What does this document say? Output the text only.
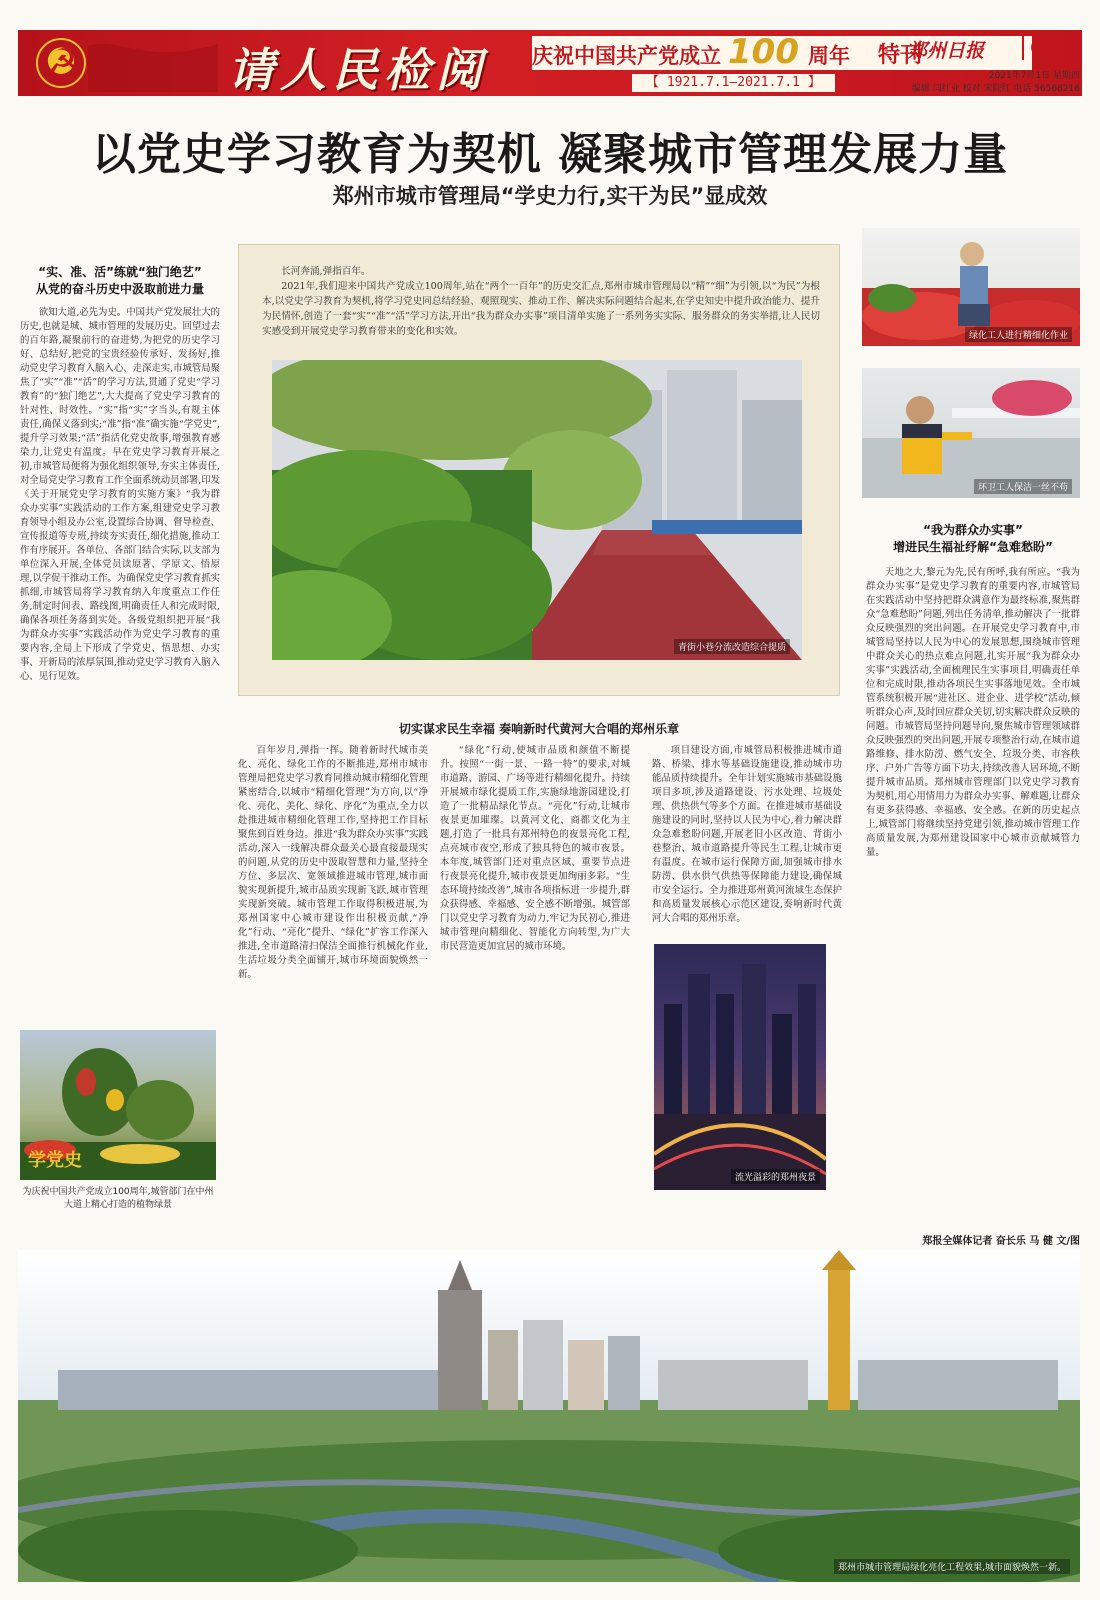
☭
请人民检阅 庆祝中国共产党成立 100 周年 特刊
【 1921.7.1—2021.7.1 】
郑州日报	C20
2021年7月1日 星期四
编辑 闫红业 校对 宋院红 电话 56568216
以党史学习教育为契机 凝聚城市管理发展力量
郑州市城市管理局“学史力行,实干为民”显成效
“实、准、活”练就“独门绝艺”
从党的奋斗历史中汲取前进力量

欲知大道,必先为史。中国共产党发展壮大的历史,也就是城、城市管理的发展历史。回望过去的百年路,凝聚前行的奋进势,为把党的历史学习好、总结好,把党的宝贵经验传承好、发扬好,推动党史学习教育入脑入心、走深走实,市城管局聚焦了“实”“准”“活”的学习方法,贯通了党史“学习教育”的“独门绝艺”,大大提高了党史学习教育的针对性、时效性。“实”指“实”字当头,有规主体责任,确保义落到实;“准”指“准”确实施“学党史”,提升学习效果;“活”指活化党史故事,增强教育感染力,让党史有温度。早在党史学习教育开展之初,市城管局便将为强化组织领导,夯实主体责任,对全局党史学习教育工作全面系统动员部署,印发《关于开展党史学习教育的实施方案》“我为群众办实事”实践活动的工作方案,组建党史学习教育领导小组及办公室,设置综合协调、督导检查、宣传报道等专班,持续夯实责任,细化措施,推动工作有序展开。各单位、各部门结合实际,以支部为单位深入开展,全体党员读原著、学原文、悟原理,以学促干推动工作。为确保党史学习教育抓实抓细,市城管局将学习教育纳入年度重点工作任务,制定时间表、路线图,明确责任人和完成时限,确保各项任务落到实处。各级党组织把开展“我为群众办实事”实践活动作为党史学习教育的重要内容,全局上下形成了学党史、悟思想、办实事、开新局的浓厚氛围,推动党史学习教育入脑入心、见行见效。

学党史
为庆祝中国共产党成立100周年,城管部门在中州大道上精心打造的植物绿景

长河奔涌,弹指百年。

2021年,我们迎来中国共产党成立100周年,站在“两个一百年”的历史交汇点,郑州市城市管理局以“精”“细”为引领,以“为民”为根本,以党史学习教育为契机,将学习党史同总结经验、观照现实、推动工作、解决实际问题结合起来,在学史知史中提升政治能力、提升为民情怀,创造了一套“实”“准”“活”学习方法,开出“我为群众办实事”项目清单实施了一系列务实实际、服务群众的务实举措,让人民切实感受到开展党史学习教育带来的变化和实效。

青街小巷分流改造综合提质
切实谋求民生幸福 奏响新时代黄河大合唱的郑州乐章

百年岁月,弹指一挥。随着新时代城市美化、亮化、绿化工作的不断推进,郑州市城市管理局把党史学习教育同推动城市精细化管理紧密结合,以城市“精细化管理”为方向,以“净化、亮化、美化、绿化、序化”为重点,全力以赴推进城市精细化管理工作,坚持把工作目标聚焦到百姓身边。推进“我为群众办实事”实践活动,深入一线解决群众最关心最直接最现实的问题,从党的历史中汲取智慧和力量,坚持全方位、多层次、宽领域推进城市管理,城市面貌实现新提升,城市品质实现新飞跃,城市管理实现新突破。城市管理工作取得积极进展,为郑州国家中心城市建设作出积极贡献,“净化”行动、“亮化”提升、“绿化”扩容工作深入推进,全市道路清扫保洁全面推行机械化作业,生活垃圾分类全面铺开,城市环境面貌焕然一新。

“绿化”行动,使城市品质和颜值不断提升。按照“一街一景、一路一特”的要求,对城市道路、游园、广场等进行精细化提升。持续开展城市绿化提质工作,实施绿地游园建设,打造了一批精品绿化节点。“亮化”行动,让城市夜景更加璀璨。以黄河文化、商都文化为主题,打造了一批具有郑州特色的夜景亮化工程,点亮城市夜空,形成了独具特色的城市夜景。本年度,城管部门还对重点区域、重要节点进行夜景亮化提升,城市夜景更加绚丽多彩。“生态环境持续改善”,城市各项指标进一步提升,群众获得感、幸福感、安全感不断增强。城管部门以党史学习教育为动力,牢记为民初心,推进城市管理向精细化、智能化方向转型,为广大市民营造更加宜居的城市环境。

项目建设方面,市城管局积极推进城市道路、桥梁、排水等基础设施建设,推动城市功能品质持续提升。全年计划实施城市基础设施项目多项,涉及道路建设、污水处理、垃圾处理、供热供气等多个方面。在推进城市基础设施建设的同时,坚持以人民为中心,着力解决群众急难愁盼问题,开展老旧小区改造、背街小巷整治、城市道路提升等民生工程,让城市更有温度。在城市运行保障方面,加强城市排水防涝、供水供气供热等保障能力建设,确保城市安全运行。全力推进郑州黄河流域生态保护和高质量发展核心示范区建设,奏响新时代黄河大合唱的郑州乐章。

流光溢彩的郑州夜景
绿化工人进行精细化作业
环卫工人保洁一丝不苟
“我为群众办实事”
增进民生福祉纾解“急难愁盼”

天地之大,黎元为先,民有所呼,我有所应。“我为群众办实事”是党史学习教育的重要内容,市城管局在实践活动中坚持把群众满意作为最终标准,聚焦群众“急难愁盼”问题,列出任务清单,推动解决了一批群众反映强烈的突出问题。在开展党史学习教育中,市城管局坚持以人民为中心的发展思想,围绕城市管理中群众关心的热点难点问题,扎实开展“我为群众办实事”实践活动,全面梳理民生实事项目,明确责任单位和完成时限,推动各项民生实事落地见效。全市城管系统积极开展“进社区、进企业、进学校”活动,倾听群众心声,及时回应群众关切,切实解决群众反映的问题。市城管局坚持问题导向,聚焦城市管理领域群众反映强烈的突出问题,开展专项整治行动,在城市道路维修、排水防涝、燃气安全、垃圾分类、市容秩序、户外广告等方面下功夫,持续改善人居环境,不断提升城市品质。郑州城市管理部门以党史学习教育为契机,用心用情用力为群众办实事、解难题,让群众有更多获得感、幸福感、安全感。在新的历史起点上,城管部门将继续坚持党建引领,推动城市管理工作高质量发展,为郑州建设国家中心城市贡献城管力量。

郑报全媒体记者 奋长乐 马 健 文/图
郑州市城市管理局绿化亮化工程效果,城市面貌焕然一新。
